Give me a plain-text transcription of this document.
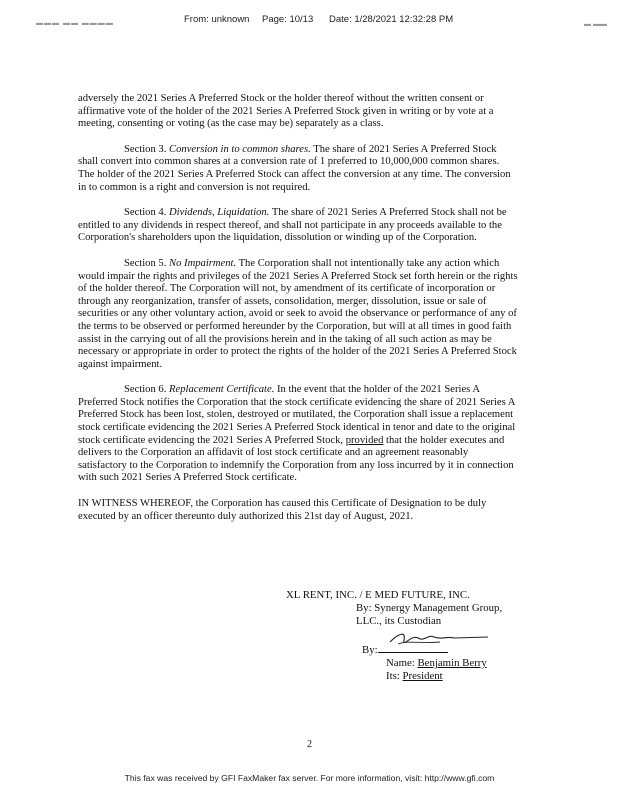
▬▬▬ ▬▬ ▬▬▬▬	From: unknown Page: 10/13 Date: 1/28/2021 12:32:28 PM	▬ ▬▬

adversely the 2021 Series A Preferred Stock or the holder thereof without the written consent or affirmative vote of the holder of the 2021 Series A Preferred Stock given in writing or by vote at a meeting, consenting or voting (as the case may be) separately as a class.

Section 3. Conversion in to common shares. The share of 2021 Series A Preferred Stock shall convert into common shares at a conversion rate of 1 preferred to 10,000,000 common shares. The holder of the 2021 Series A Preferred Stock can affect the conversion at any time. The conversion in to common is a right and conversion is not required.

Section 4. Dividends, Liquidation. The share of 2021 Series A Preferred Stock shall not be entitled to any dividends in respect thereof, and shall not participate in any proceeds available to the Corporation's shareholders upon the liquidation, dissolution or winding up of the Corporation.

Section 5. No Impairment. The Corporation shall not intentionally take any action which would impair the rights and privileges of the 2021 Series A Preferred Stock set forth herein or the rights of the holder thereof. The Corporation will not, by amendment of its certificate of incorporation or through any reorganization, transfer of assets, consolidation, merger, dissolution, issue or sale of securities or any other voluntary action, avoid or seek to avoid the observance or performance of any of the terms to be observed or performed hereunder by the Corporation, but will at all times in good faith assist in the carrying out of all the provisions herein and in the taking of all such action as may be necessary or appropriate in order to protect the rights of the holder of the 2021 Series A Preferred Stock against impairment.

Section 6. Replacement Certificate. In the event that the holder of the 2021 Series A Preferred Stock notifies the Corporation that the stock certificate evidencing the share of 2021 Series A Preferred Stock has been lost, stolen, destroyed or mutilated, the Corporation shall issue a replacement stock certificate evidencing the 2021 Series A Preferred Stock identical in tenor and date to the original stock certificate evidencing the 2021 Series A Preferred Stock, provided that the holder executes and delivers to the Corporation an affidavit of lost stock certificate and an agreement reasonably satisfactory to the Corporation to indemnify the Corporation from any loss incurred by it in connection with such 2021 Series A Preferred Stock certificate.

IN WITNESS WHEREOF, the Corporation has caused this Certificate of Designation to be duly executed by an officer thereunto duly authorized this 21st day of August, 2021.

XL RENT, INC. / E MED FUTURE, INC.
By: Synergy Management Group,
LLC., its Custodian
By:
Name: Benjamin Berry
Its: President
2
This fax was received by GFI FaxMaker fax server. For more information, visit: http://www.gfi.com
